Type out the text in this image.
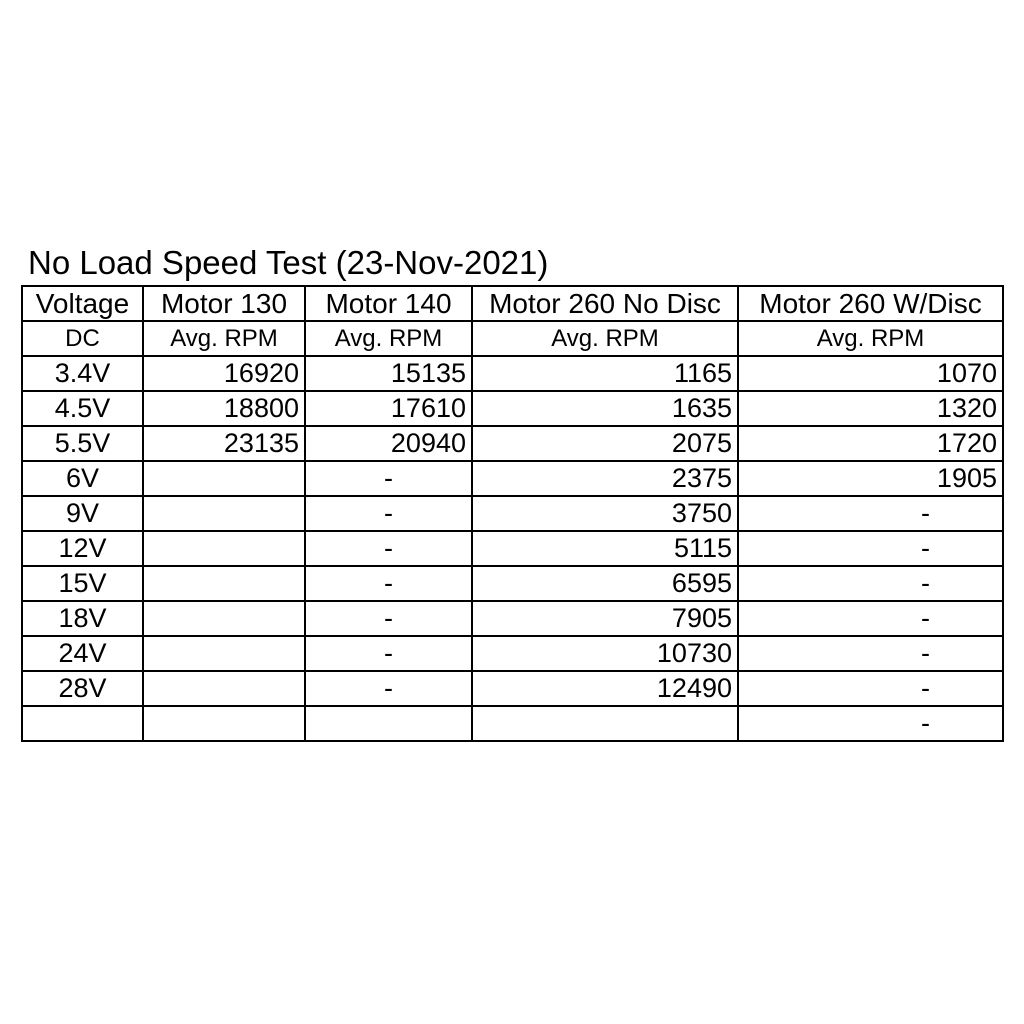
No Load Speed Test (23-Nov-2021)
Voltage	Motor 130	Motor 140	Motor 260 No Disc	Motor 260 W/Disc
DC	Avg. RPM	Avg. RPM	Avg. RPM	Avg. RPM
3.4V	16920	15135	1165	1070
4.5V	18800	17610	1635	1320
5.5V	23135	20940	2075	1720
6V		-	2375	1905
9V		-	3750	-
12V		-	5115	-
15V		-	6595	-
18V		-	7905	-
24V		-	10730	-
28V		-	12490	-
				-
